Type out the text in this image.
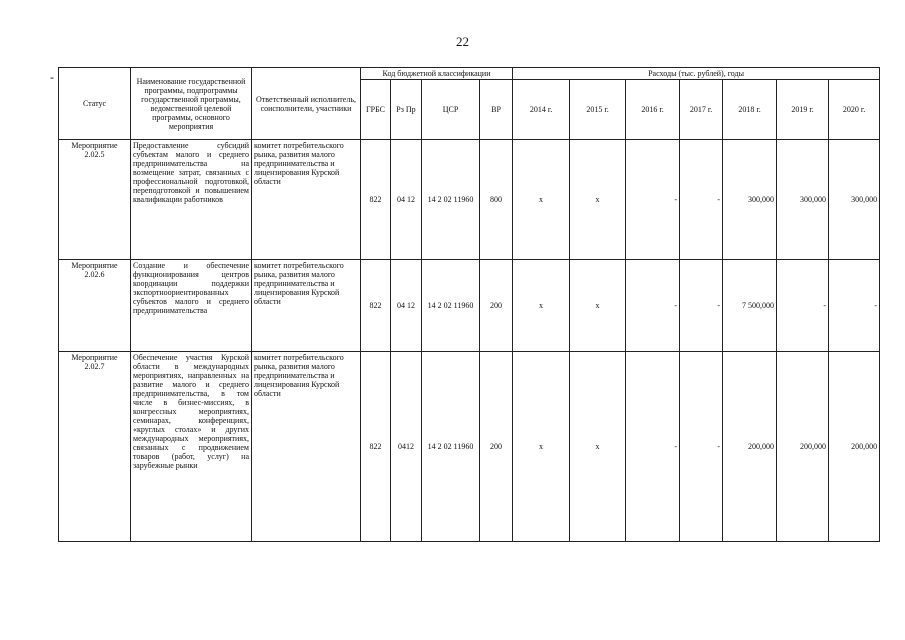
22
-
Статус	Наименование государственной программы, подпрограммы государственной программы, ведомственной целевой программы, основного мероприятия	Ответственный исполнитель, соисполнители, участники	Код бюджетной классификации				Расходы (тыс. рублей), годы						
			ГРБС	Рз Пр	ЦСР	ВР	2014 г.	2015 г.	2016 г.	2017 г.	2018 г.	2019 г.	2020 г.
Мероприятие 2.02.5	Предоставление субсидий субъектам малого и среднего предпринимательства на возмещение затрат, связанных с профессиональной подготовкой, переподготовкой и повышением квалификации работников	комитет потребительского рынка, развития малого предпринимательства и лицензирования Курской области	822	04 12	14 2 02 11960	800	x	x	-	-	300,000	300,000	300,000
Мероприятие 2.02.6	Создание и обеспечение функционирования центров координации поддержки экспортноориентированных субъектов малого и среднего предпринимательства	комитет потребительского рынка, развития малого предпринимательства и лицензирования Курской области	822	04 12	14 2 02 11960	200	x	x	-	-	7 500,000	-	-
Мероприятие 2.02.7	Обеспечение участия Курской области в международных мероприятиях, направленных на развитие малого и среднего предпринимательства, в том числе в бизнес-миссиях, в конгрессных мероприятиях, семинарах, конференциях, «круглых столах» и других международных мероприятиях, связанных с продвижением товаров (работ, услуг) на зарубежные рынки	комитет потребительского рынка, развития малого предпринимательства и лицензирования Курской области	822	0412	14 2 02 11960	200	x	x	-	-	200,000	200,000	200,000
